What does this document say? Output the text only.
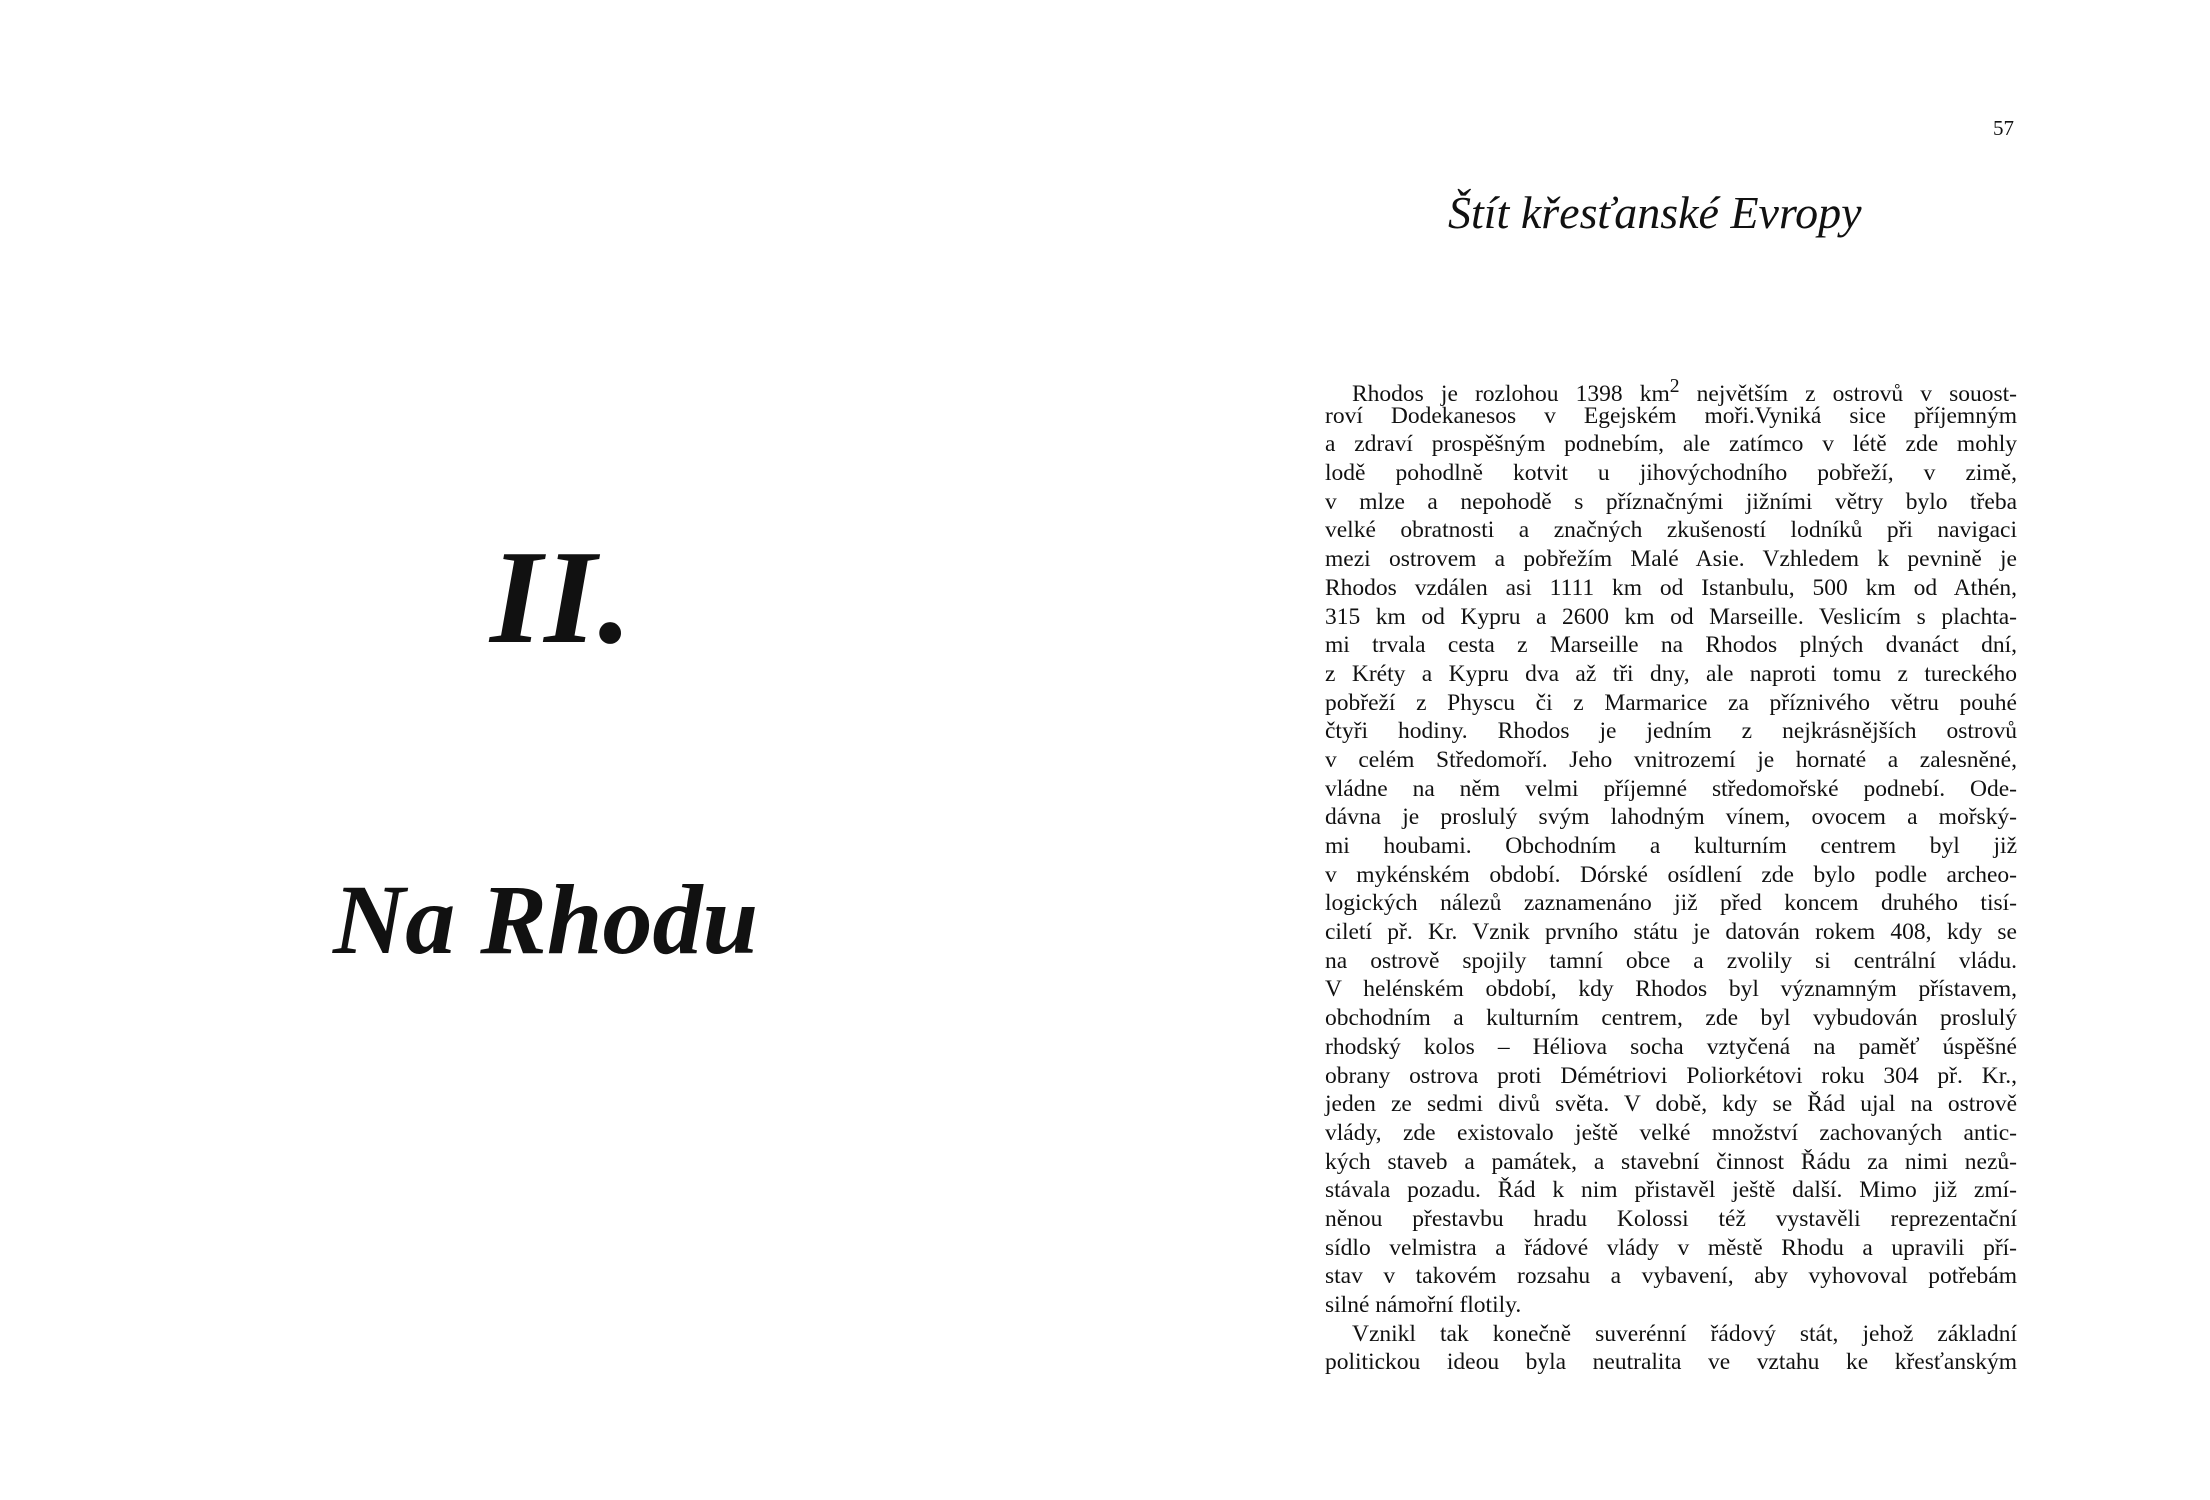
II.
Na Rhodu
57
Štít křesťanské Evropy
Rhodos je rozlohou 1398 $km^2$ největším z ostrovů v souost-
roví Dodekanesos v Egejském moři.Vyniká sice příjemným
a zdraví prospěšným podnebím, ale zatímco v létě zde mohly
lodě pohodlně kotvit u jihovýchodního pobřeží, v zimě,
v mlze a nepohodě s příznačnými jižními větry bylo třeba
velké obratnosti a značných zkušeností lodníků při navigaci
mezi ostrovem a pobřežím Malé Asie. Vzhledem k pevnině je
Rhodos vzdálen asi 1111 km od Istanbulu, 500 km od Athén,
315 km od Kypru a 2600 km od Marseille. Veslicím s plachta-
mi trvala cesta z Marseille na Rhodos plných dvanáct dní,
z Kréty a Kypru dva až tři dny, ale naproti tomu z tureckého
pobřeží z Physcu či z Marmarice za příznivého větru pouhé
čtyři hodiny. Rhodos je jedním z nejkrásnějších ostrovů
v celém Středomoří. Jeho vnitrozemí je hornaté a zalesněné,
vládne na něm velmi příjemné středomořské podnebí. Ode-
dávna je proslulý svým lahodným vínem, ovocem a mořský-
mi houbami. Obchodním a kulturním centrem byl již
v mykénském období. Dórské osídlení zde bylo podle archeo-
logických nálezů zaznamenáno již před koncem druhého tisí-
ciletí př. Kr. Vznik prvního státu je datován rokem 408, kdy se
na ostrově spojily tamní obce a zvolily si centrální vládu.
V helénském období, kdy Rhodos byl významným přístavem,
obchodním a kulturním centrem, zde byl vybudován proslulý
rhodský kolos – Héliova socha vztyčená na paměť úspěšné
obrany ostrova proti Démétriovi Poliorkétovi roku 304 př. Kr.,
jeden ze sedmi divů světa. V době, kdy se Řád ujal na ostrově
vlády, zde existovalo ještě velké množství zachovaných antic-
kých staveb a památek, a stavební činnost Řádu za nimi nezů-
stávala pozadu. Řád k nim přistavěl ještě další. Mimo již zmí-
něnou přestavbu hradu Kolossi též vystavěli reprezentační
sídlo velmistra a řádové vlády v městě Rhodu a upravili pří-
stav v takovém rozsahu a vybavení, aby vyhovoval potřebám
silné námořní flotily.
Vznikl tak konečně suverénní řádový stát, jehož základní
politickou ideou byla neutralita ve vztahu ke křesťanským
